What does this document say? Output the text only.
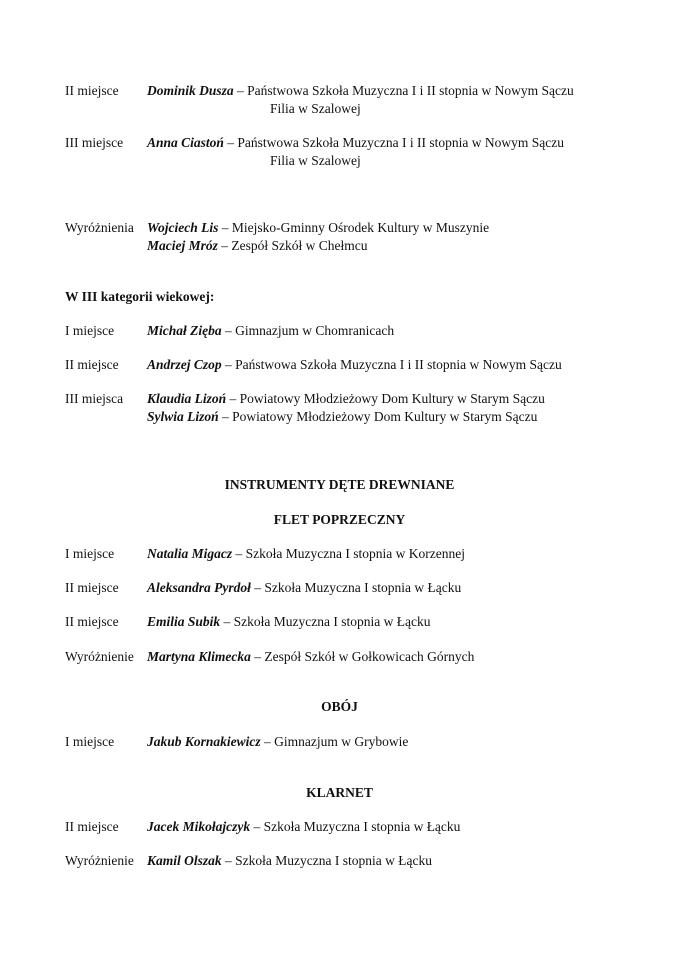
II miejsce Dominik Dusza – Państwowa Szkoła Muzyczna I i II stopnia w Nowym Sączu
Filia w Szalowej
III miejsce Anna Ciastoń – Państwowa Szkoła Muzyczna I i II stopnia w Nowym Sączu
Filia w Szalowej
Wyróżnienia Wojciech Lis – Miejsko-Gminny Ośrodek Kultury w Muszynie
Maciej Mróz – Zespół Szkół w Chełmcu
W III kategorii wiekowej:
I miejsce Michał Zięba – Gimnazjum w Chomranicach
II miejsce Andrzej Czop – Państwowa Szkoła Muzyczna I i II stopnia w Nowym Sączu
III miejsca Klaudia Lizoń – Powiatowy Młodzieżowy Dom Kultury w Starym Sączu
Sylwia Lizoń – Powiatowy Młodzieżowy Dom Kultury w Starym Sączu
INSTRUMENTY DĘTE DREWNIANE
FLET POPRZECZNY
I miejsce Natalia Migacz – Szkoła Muzyczna I stopnia w Korzennej
II miejsce Aleksandra Pyrdoł – Szkoła Muzyczna I stopnia w Łącku
II miejsce Emilia Subik – Szkoła Muzyczna I stopnia w Łącku
Wyróżnienie Martyna Klimecka – Zespół Szkół w Gołkowicach Górnych
OBÓJ
I miejsce Jakub Kornakiewicz – Gimnazjum w Grybowie
KLARNET
II miejsce Jacek Mikołajczyk – Szkoła Muzyczna I stopnia w Łącku
Wyróżnienie Kamil Olszak – Szkoła Muzyczna I stopnia w Łącku
